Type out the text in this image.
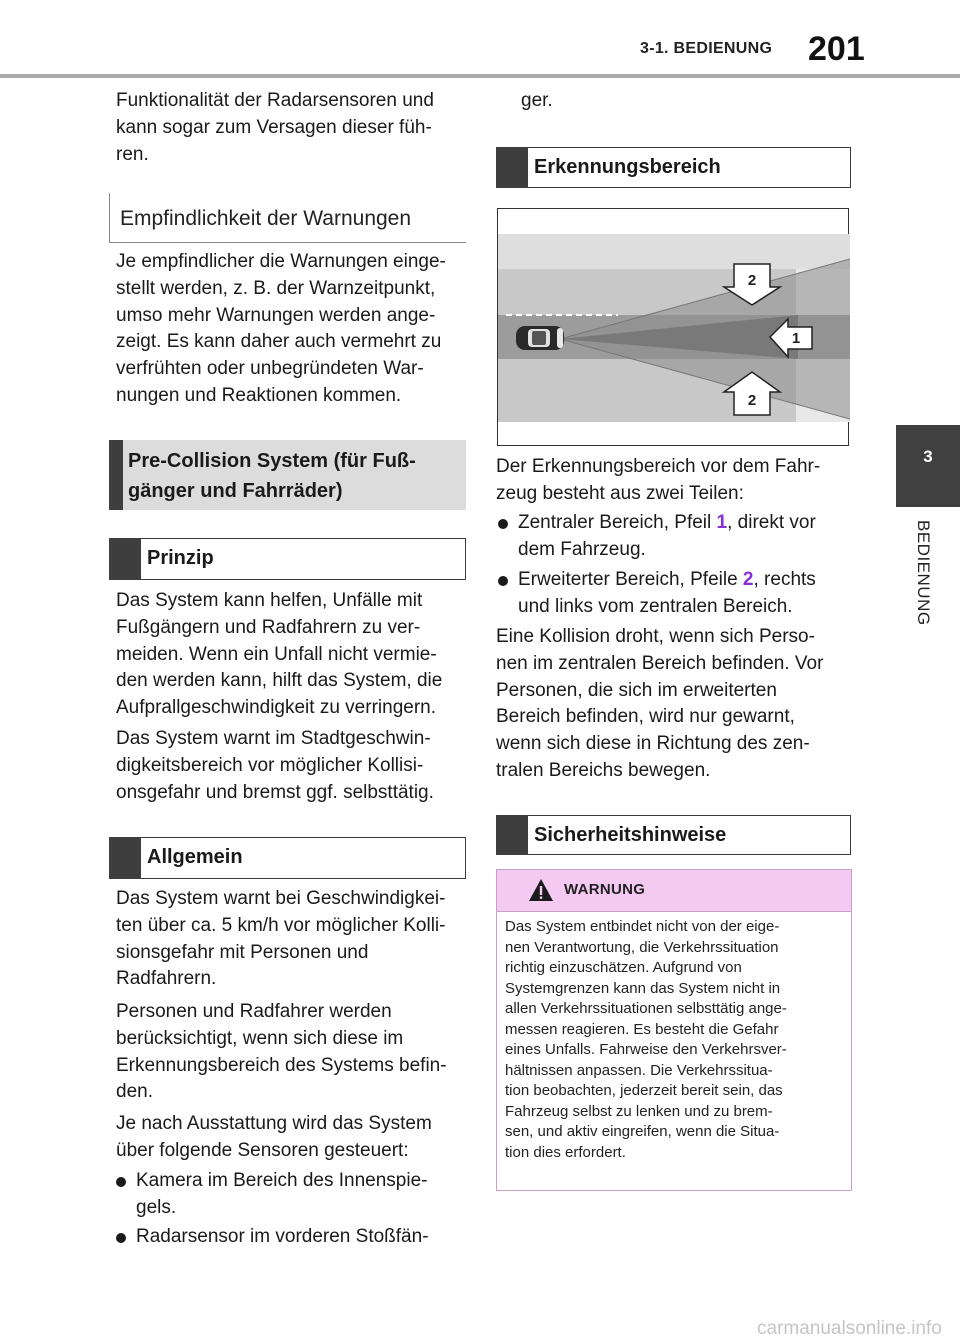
3-1. BEDIENUNG 201
3
BEDIENUNG
Funktionalität der Radarsensoren und
kann sogar zum Versagen dieser füh-
ren.
Empfindlichkeit der Warnungen
Je empfindlicher die Warnungen einge-
stellt werden, z. B. der Warnzeitpunkt,
umso mehr Warnungen werden ange-
zeigt. Es kann daher auch vermehrt zu
verfrühten oder unbegründeten War-
nungen und Reaktionen kommen.
Pre-Collision System (für Fuß-
gänger und Fahrräder)
Prinzip
Das System kann helfen, Unfälle mit
Fußgängern und Radfahrern zu ver-
meiden. Wenn ein Unfall nicht vermie-
den werden kann, hilft das System, die
Aufprallgeschwindigkeit zu verringern.
Das System warnt im Stadtgeschwin-
digkeitsbereich vor möglicher Kollisi-
onsgefahr und bremst ggf. selbsttätig.
Allgemein
Das System warnt bei Geschwindigkei-
ten über ca. 5 km/h vor möglicher Kolli-
sionsgefahr mit Personen und
Radfahrern.
Personen und Radfahrer werden
berücksichtigt, wenn sich diese im
Erkennungsbereich des Systems befin-
den.
Je nach Ausstattung wird das System
über folgende Sensoren gesteuert:
Kamera im Bereich des Innenspie-
gels.
Radarsensor im vorderen Stoßfän-
ger.
Erkennungsbereich
2
1
2
Der Erkennungsbereich vor dem Fahr-
zeug besteht aus zwei Teilen:
Zentraler Bereich, Pfeil 1, direkt vor
dem Fahrzeug.
Erweiterter Bereich, Pfeile 2, rechts
und links vom zentralen Bereich.
Eine Kollision droht, wenn sich Perso-
nen im zentralen Bereich befinden. Vor
Personen, die sich im erweiterten
Bereich befinden, wird nur gewarnt,
wenn sich diese in Richtung des zen-
tralen Bereichs bewegen.
Sicherheitshinweise
WARNUNG
Das System entbindet nicht von der eige-
nen Verantwortung, die Verkehrssituation
richtig einzuschätzen. Aufgrund von
Systemgrenzen kann das System nicht in
allen Verkehrssituationen selbsttätig ange-
messen reagieren. Es besteht die Gefahr
eines Unfalls. Fahrweise den Verkehrsver-
hältnissen anpassen. Die Verkehrssitua-
tion beobachten, jederzeit bereit sein, das
Fahrzeug selbst zu lenken und zu brem-
sen, und aktiv eingreifen, wenn die Situa-
tion dies erfordert.
carmanualsonline.info
